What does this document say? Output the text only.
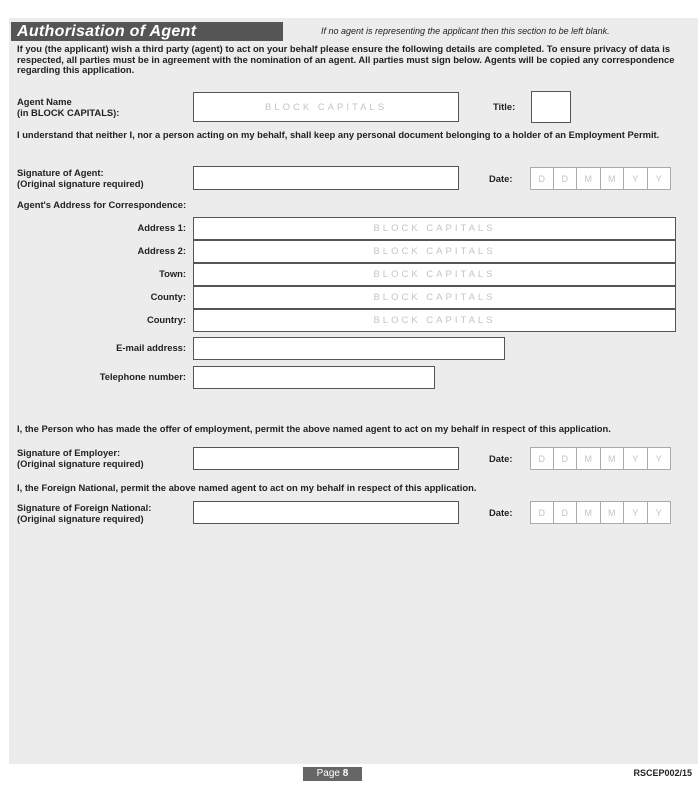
Authorisation of Agent	If no agent is representing the applicant then this section to be left blank.
If you (the applicant) wish a third party (agent) to act on your behalf please ensure the following details are completed. To ensure privacy of data is respected, all parties must be in agreement with the nomination of an agent. All parties must sign below. Agents will be copied any correspondence regarding this application.
Agent Name
(in BLOCK CAPITALS):	BLOCK CAPITALS	Title:
I understand that neither I, nor a person acting on my behalf, shall keep any personal document belonging to a holder of an Employment Permit.
Signature of Agent:
(Original signature required)	Date:	D	D	M	M	Y	Y
Agent's Address for Correspondence:
Address 1:	BLOCK CAPITALS
Address 2:	BLOCK CAPITALS
Town:	BLOCK CAPITALS
County:	BLOCK CAPITALS
Country:	BLOCK CAPITALS
E-mail address:
Telephone number:
I, the Person who has made the offer of employment, permit the above named agent to act on my behalf in respect of this application.
Signature of Employer:
(Original signature required)	Date:	D	D	M	M	Y	Y
I, the Foreign National, permit the above named agent to act on my behalf in respect of this application.
Signature of Foreign National:
(Original signature required)	Date:	D	D	M	M	Y	Y
Page 8	RSCEP002/15
